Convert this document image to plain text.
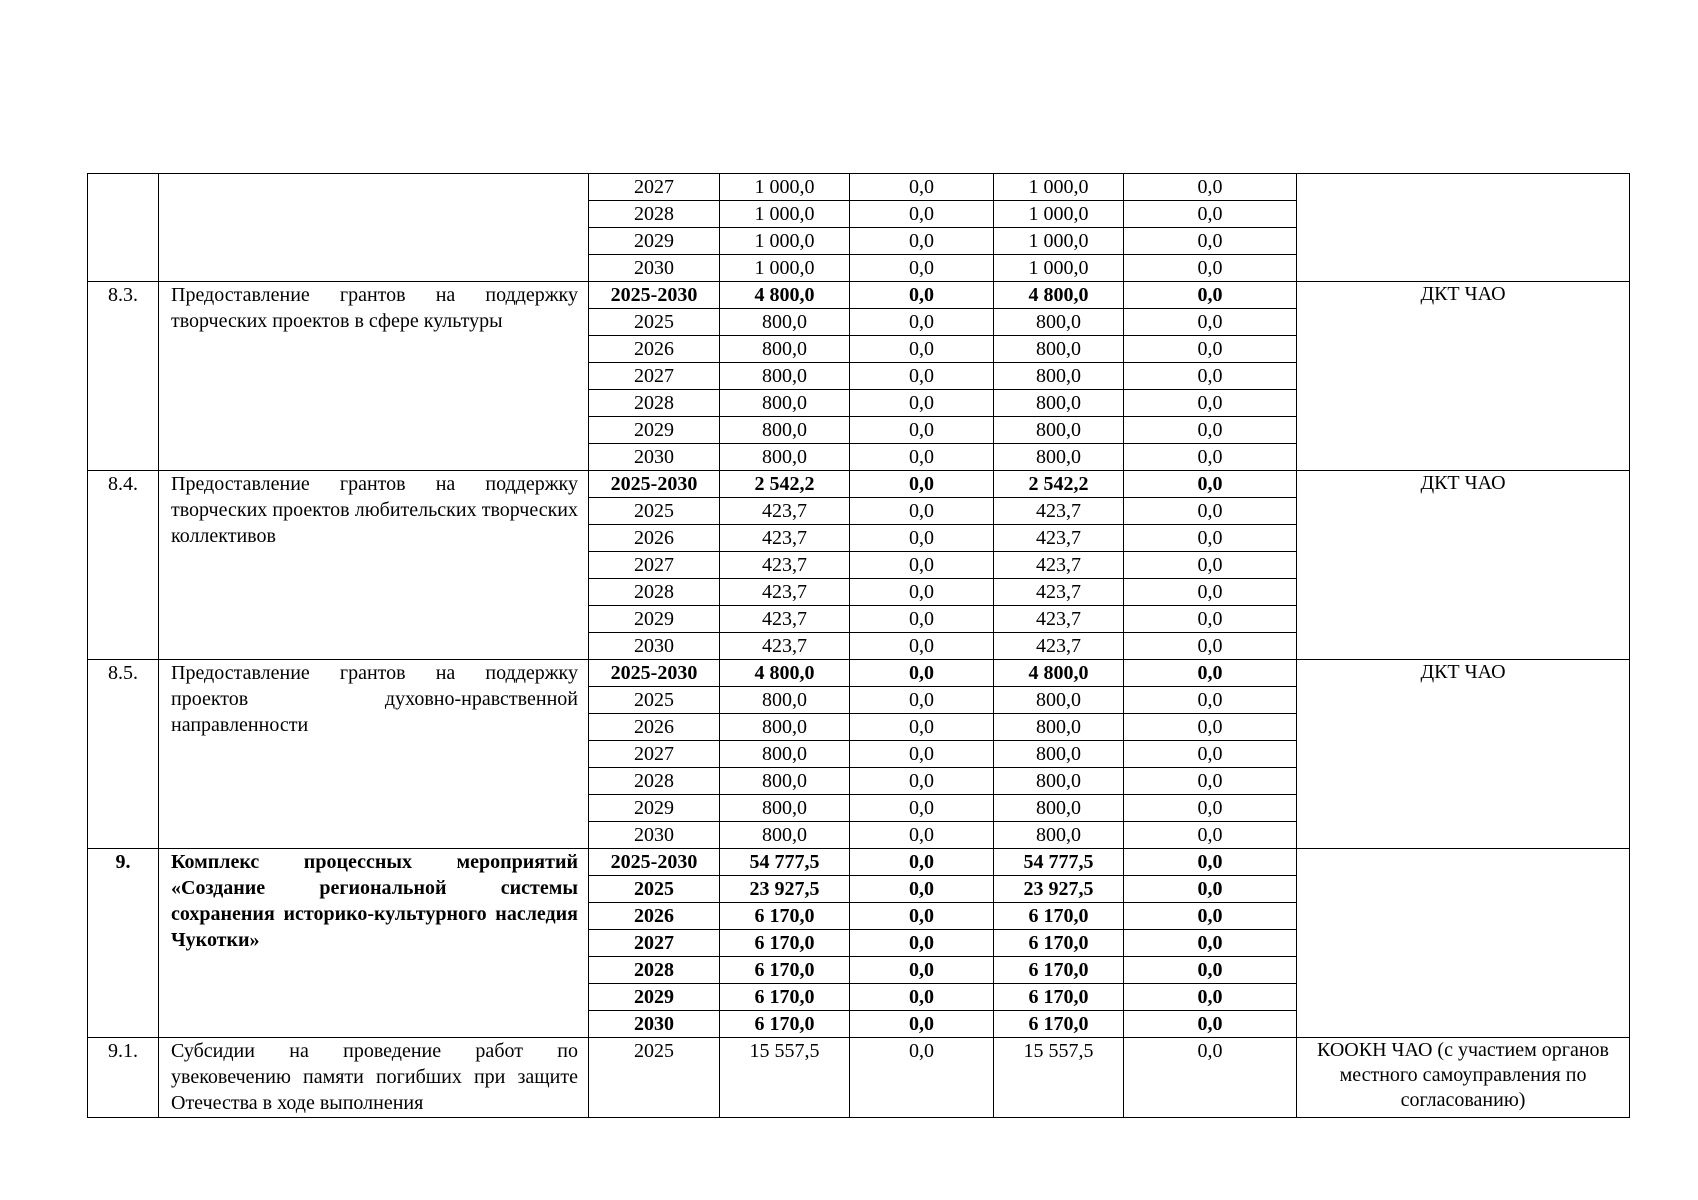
		2027	1 000,0	0,0	1 000,0	0,0	
		2028	1 000,0	0,0	1 000,0	0,0	
		2029	1 000,0	0,0	1 000,0	0,0	
		2030	1 000,0	0,0	1 000,0	0,0	
8.3.	Предоставление грантов на поддержку творческих проектов в сфере культуры	2025-2030	4 800,0	0,0	4 800,0	0,0	ДКТ ЧАО
		2025	800,0	0,0	800,0	0,0	
		2026	800,0	0,0	800,0	0,0	
		2027	800,0	0,0	800,0	0,0	
		2028	800,0	0,0	800,0	0,0	
		2029	800,0	0,0	800,0	0,0	
		2030	800,0	0,0	800,0	0,0	
8.4.	Предоставление грантов на поддержку творческих проектов любительских творческих коллективов	2025-2030	2 542,2	0,0	2 542,2	0,0	ДКТ ЧАО
		2025	423,7	0,0	423,7	0,0	
		2026	423,7	0,0	423,7	0,0	
		2027	423,7	0,0	423,7	0,0	
		2028	423,7	0,0	423,7	0,0	
		2029	423,7	0,0	423,7	0,0	
		2030	423,7	0,0	423,7	0,0	
8.5.	Предоставление грантов на поддержку проектов духовно-нравственной направленности	2025-2030	4 800,0	0,0	4 800,0	0,0	ДКТ ЧАО
		2025	800,0	0,0	800,0	0,0	
		2026	800,0	0,0	800,0	0,0	
		2027	800,0	0,0	800,0	0,0	
		2028	800,0	0,0	800,0	0,0	
		2029	800,0	0,0	800,0	0,0	
		2030	800,0	0,0	800,0	0,0	
9.	Комплекс процессных мероприятий «Создание региональной системы сохранения историко-культурного наследия Чукотки»	2025-2030	54 777,5	0,0	54 777,5	0,0	
		2025	23 927,5	0,0	23 927,5	0,0	
		2026	6 170,0	0,0	6 170,0	0,0	
		2027	6 170,0	0,0	6 170,0	0,0	
		2028	6 170,0	0,0	6 170,0	0,0	
		2029	6 170,0	0,0	6 170,0	0,0	
		2030	6 170,0	0,0	6 170,0	0,0	
9.1.	Субсидии на проведение работ по увековечению памяти погибших при защите Отечества в ходе выполнения	2025	15 557,5	0,0	15 557,5	0,0	КООКН ЧАО (с участием органов местного самоуправления по согласованию)
